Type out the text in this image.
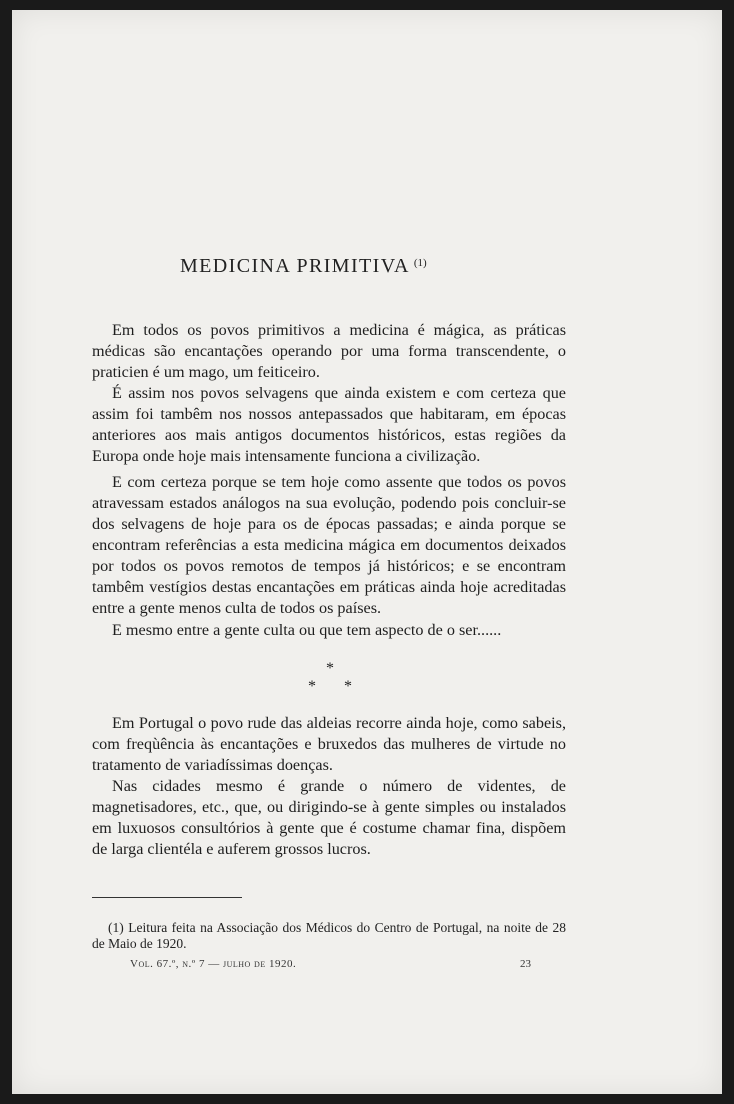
MEDICINA PRIMITIVA $^{(1)}$

Em todos os povos primitivos a medicina é mágica, as práticas médicas são encantações operando por uma forma transcendente, o praticien é um mago, um feiticeiro.

É assim nos povos selvagens que ainda existem e com certeza que assim foi tambêm nos nossos antepassados que habitaram, em épocas anteriores aos mais antigos documentos históricos, estas regiões da Europa onde hoje mais intensamente funciona a civilização.

E com certeza porque se tem hoje como assente que todos os povos atravessam estados análogos na sua evolução, podendo pois concluir-se dos selvagens de hoje para os de épocas passadas; e ainda porque se encontram referências a esta medicina mágica em documentos deixados por todos os povos remotos de tempos já históricos; e se encontram tambêm vestígios destas encantações em práticas ainda hoje acreditadas entre a gente menos culta de todos os países.

E mesmo entre a gente culta ou que tem aspecto de o ser......

*
* *

Em Portugal o povo rude das aldeias recorre ainda hoje, como sabeis, com freqùência às encantações e bruxedos das mulheres de virtude no tratamento de variadíssimas doenças.

Nas cidades mesmo é grande o número de videntes, de magnetisadores, etc., que, ou dirigindo-se à gente simples ou instalados em luxuosos consultórios à gente que é costume chamar fina, dispõem de larga clientéla e auferem grossos lucros.

(1) Leitura feita na Associação dos Médicos do Centro de Portugal, na noite de 28 de Maio de 1920.

Vol. 67.º, n.º 7 — julho de 1920.	23
